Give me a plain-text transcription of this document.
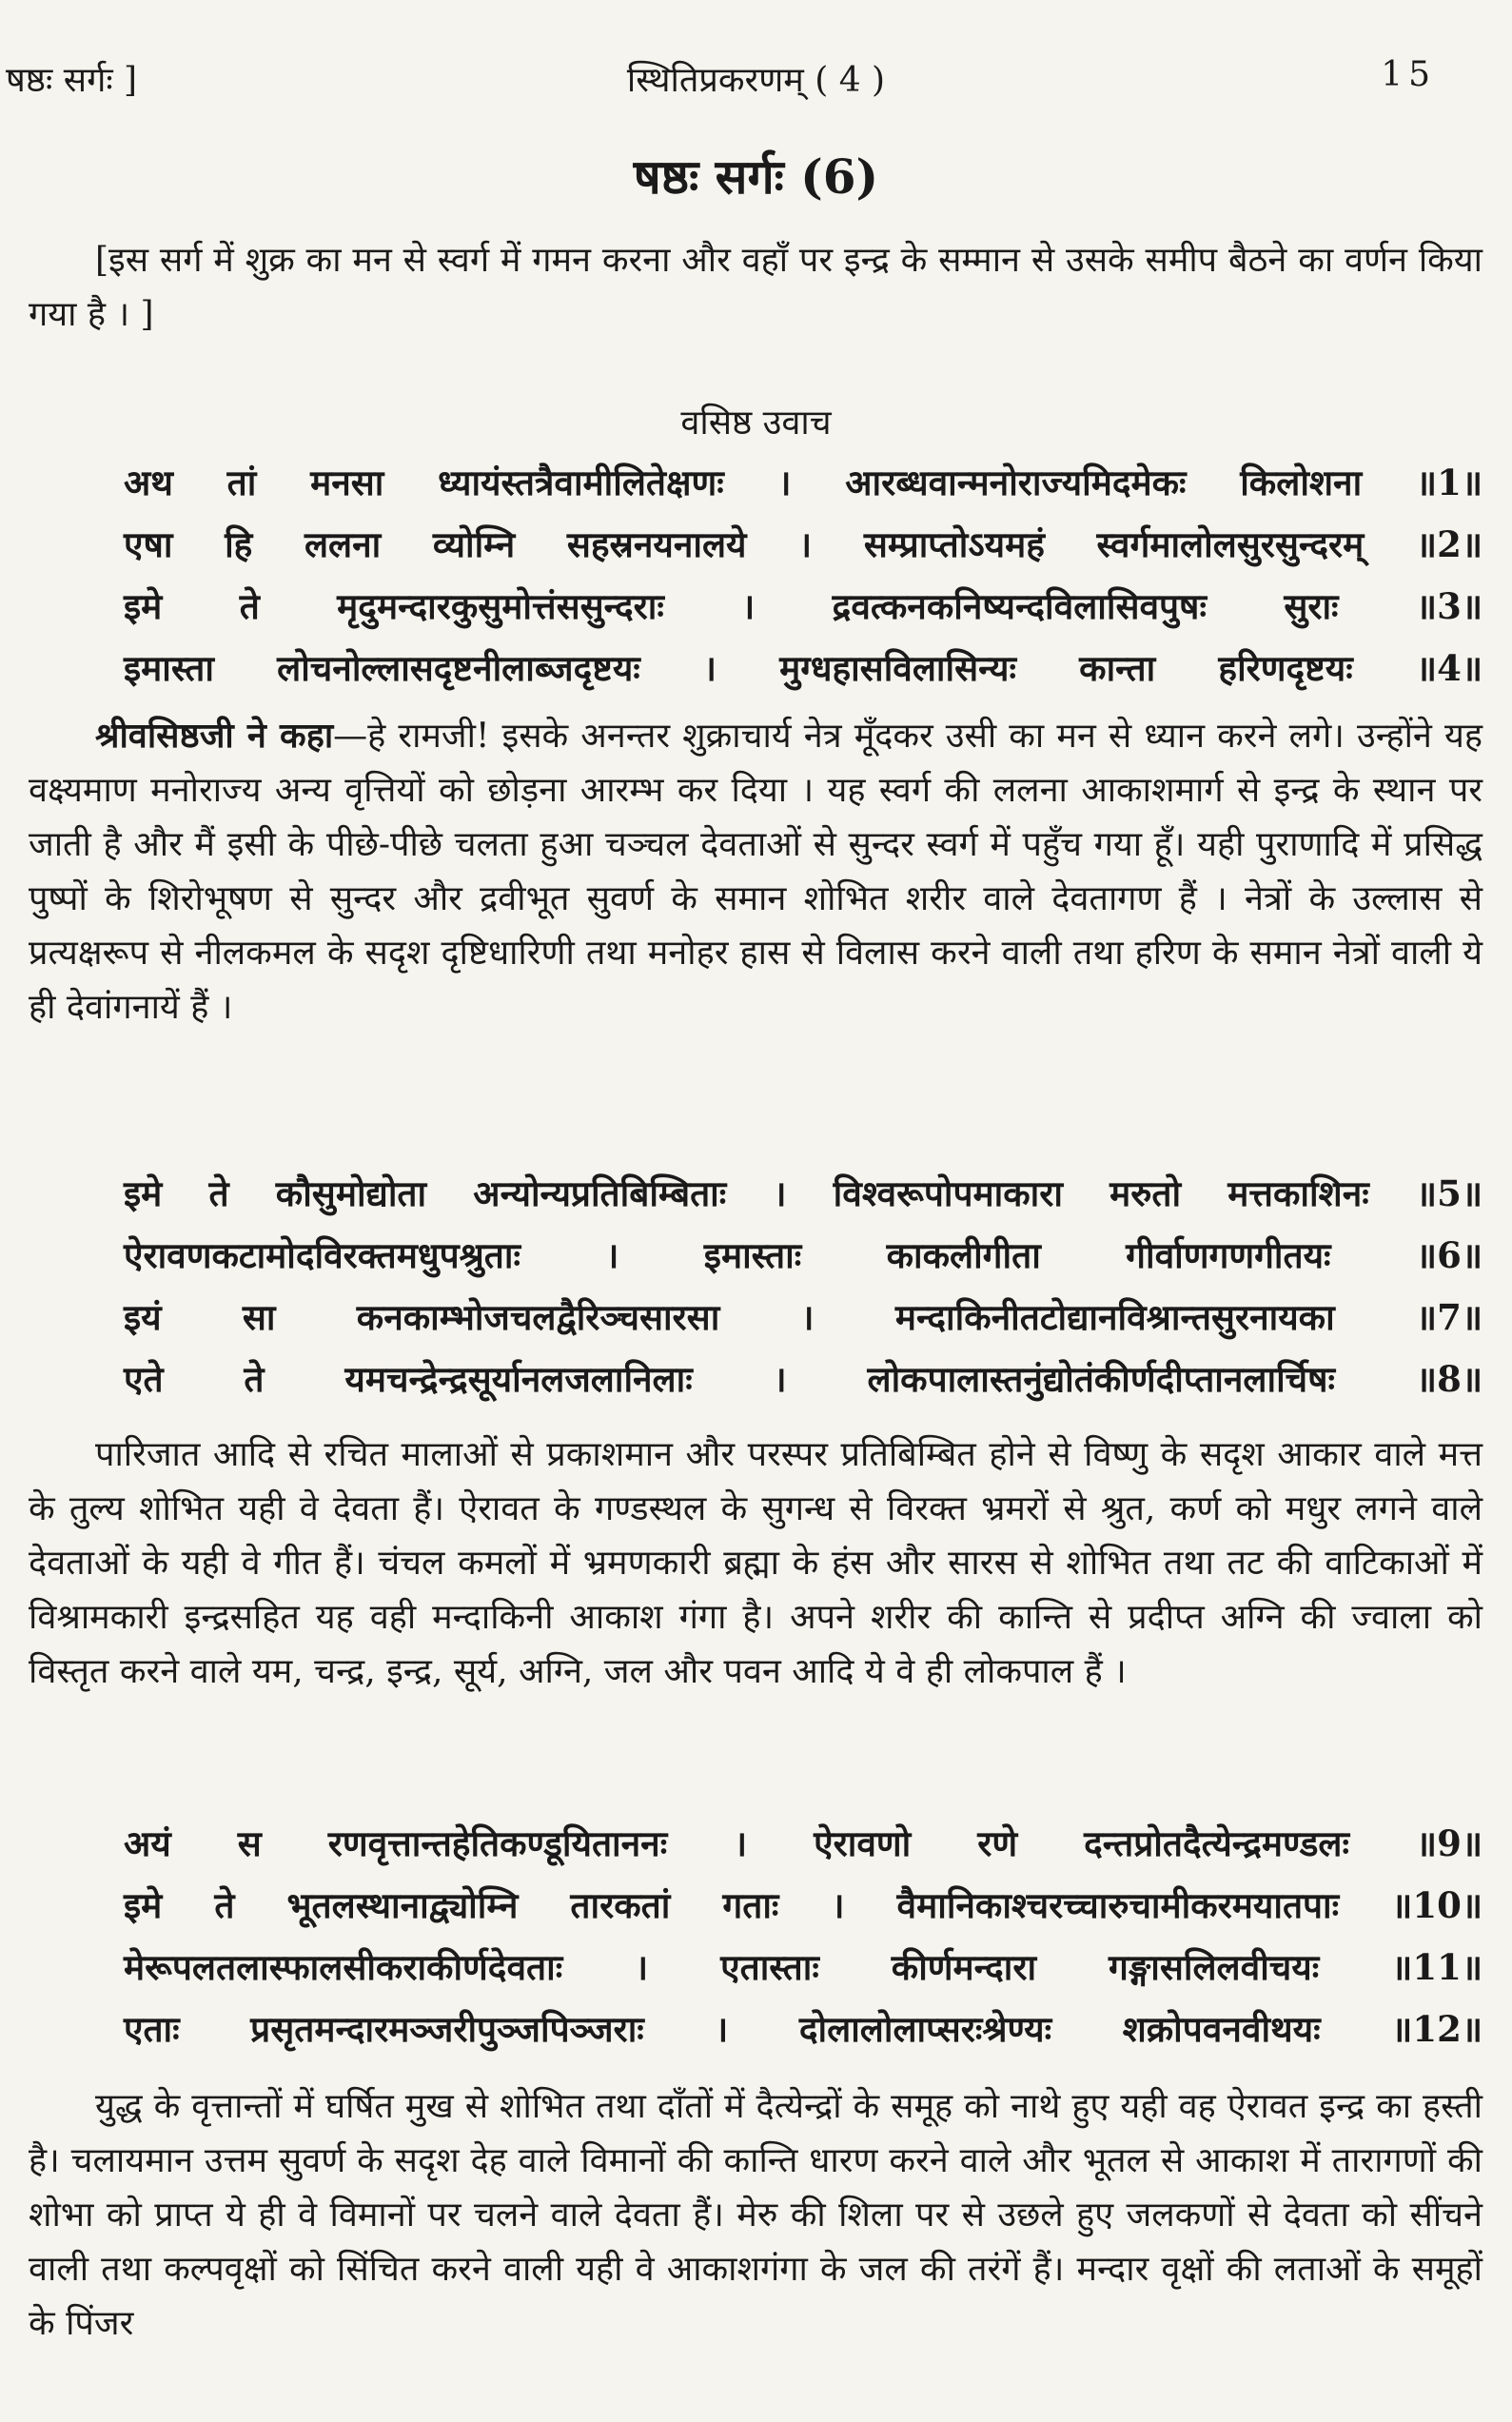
षष्ठः सर्गः ]	स्थितिप्रकरणम् ( 4 )	15
षष्ठः सर्गः (6)
[इस सर्ग में शुक्र का मन से स्वर्ग में गमन करना और वहाँ पर इन्द्र के सम्मान से उसके समीप बैठने का वर्णन किया गया है । ]
वसिष्ठ उवाच
अथ तां मनसा ध्यायंस्तत्रैवामीलितेक्षणः । आरब्धवान्मनोराज्यमिदमेकः किलोशना ॥1॥
एषा हि ललना व्योम्नि सहस्रनयनालये । सम्प्राप्तोऽयमहं स्वर्गमालोलसुरसुन्दरम् ॥2॥
इमे ते मृदुमन्दारकुसुमोत्तंससुन्दराः । द्रवत्कनकनिष्यन्दविलासिवपुषः सुराः ॥3॥
इमास्ता लोचनोल्लासदृष्टनीलाब्जदृष्टयः । मुग्धहासविलासिन्यः कान्ता हरिणदृष्टयः ॥4॥
श्रीवसिष्ठजी ने कहा—हे रामजी! इसके अनन्तर शुक्राचार्य नेत्र मूँदकर उसी का मन से ध्यान करने लगे। उन्होंने यह वक्ष्यमाण मनोराज्य अन्य वृत्तियों को छोड़ना आरम्भ कर दिया । यह स्वर्ग की ललना आकाशमार्ग से इन्द्र के स्थान पर जाती है और मैं इसी के पीछे-पीछे चलता हुआ चञ्चल देवताओं से सुन्दर स्वर्ग में पहुँच गया हूँ। यही पुराणादि में प्रसिद्ध पुष्पों के शिरोभूषण से सुन्दर और द्रवीभूत सुवर्ण के समान शोभित शरीर वाले देवतागण हैं । नेत्रों के उल्लास से प्रत्यक्षरूप से नीलकमल के सदृश दृष्टिधारिणी तथा मनोहर हास से विलास करने वाली तथा हरिण के समान नेत्रों वाली ये ही देवांगनायें हैं ।
इमे ते कौसुमोद्योता अन्योन्यप्रतिबिम्बिताः । विश्वरूपोपमाकारा मरुतो मत्तकाशिनः ॥5॥
ऐरावणकटामोदविरक्तमधुपश्रुताः । इमास्ताः काकलीगीता गीर्वाणगणगीतयः ॥6॥
इयं सा कनकाम्भोजचलद्वैरिञ्चसारसा । मन्दाकिनीतटोद्यानविश्रान्तसुरनायका ॥7॥
एते ते यमचन्द्रेन्द्रसूर्यानलजलानिलाः । लोकपालास्तनुंद्योतंकीर्णदीप्तानलार्चिषः ॥8॥
पारिजात आदि से रचित मालाओं से प्रकाशमान और परस्पर प्रतिबिम्बित होने से विष्णु के सदृश आकार वाले मत्त के तुल्य शोभित यही वे देवता हैं। ऐरावत के गण्डस्थल के सुगन्ध से विरक्त भ्रमरों से श्रुत, कर्ण को मधुर लगने वाले देवताओं के यही वे गीत हैं। चंचल कमलों में भ्रमणकारी ब्रह्मा के हंस और सारस से शोभित तथा तट की वाटिकाओं में विश्रामकारी इन्द्रसहित यह वही मन्दाकिनी आकाश गंगा है। अपने शरीर की कान्ति से प्रदीप्त अग्नि की ज्वाला को विस्तृत करने वाले यम, चन्द्र, इन्द्र, सूर्य, अग्नि, जल और पवन आदि ये वे ही लोकपाल हैं ।
अयं स रणवृत्तान्तहेतिकण्डूयिताननः । ऐरावणो रणे दन्तप्रोतदैत्येन्द्रमण्डलः ॥9॥
इमे ते भूतलस्थानाद्व्योम्नि तारकतां गताः । वैमानिकाश्चरच्चारुचामीकरमयातपाः ॥10॥
मेरूपलतलास्फालसीकराकीर्णदेवताः । एतास्ताः कीर्णमन्दारा गङ्गासलिलवीचयः ॥11॥
एताः प्रसृतमन्दारमञ्जरीपुञ्जपिञ्जराः । दोलालोलाप्सरःश्रेण्यः शक्रोपवनवीथयः ॥12॥
युद्ध के वृत्तान्तों में घर्षित मुख से शोभित तथा दाँतों में दैत्येन्द्रों के समूह को नाथे हुए यही वह ऐरावत इन्द्र का हस्ती है। चलायमान उत्तम सुवर्ण के सदृश देह वाले विमानों की कान्ति धारण करने वाले और भूतल से आकाश में तारागणों की शोभा को प्राप्त ये ही वे विमानों पर चलने वाले देवता हैं। मेरु की शिला पर से उछले हुए जलकणों से देवता को सींचने वाली तथा कल्पवृक्षों को सिंचित करने वाली यही वे आकाशगंगा के जल की तरंगें हैं। मन्दार वृक्षों की लताओं के समूहों के पिंजर
